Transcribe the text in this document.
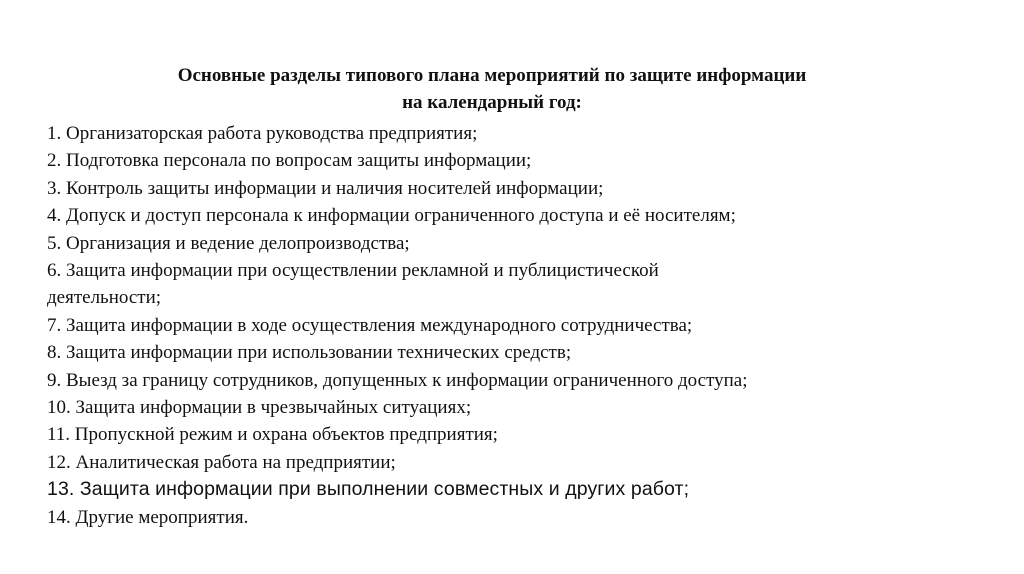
Основные разделы типового плана мероприятий по защите информации
на календарный год:
1. Организаторская работа руководства предприятия;
2. Подготовка персонала по вопросам защиты информации;
3. Контроль защиты информации и наличия носителей информации;
4. Допуск и доступ персонала к информации ограниченного доступа и её носителям;
5. Организация и ведение делопроизводства;
6. Защита информации при осуществлении рекламной и публицистической
деятельности;
7. Защита информации в ходе осуществления международного сотрудничества;
8. Защита информации при использовании технических средств;
9. Выезд за границу сотрудников, допущенных к информации ограниченного доступа;
10. Защита информации в чрезвычайных ситуациях;
11. Пропускной режим и охрана объектов предприятия;
12. Аналитическая работа на предприятии;
13. Защита информации при выполнении совместных и других работ;
14. Другие мероприятия.
